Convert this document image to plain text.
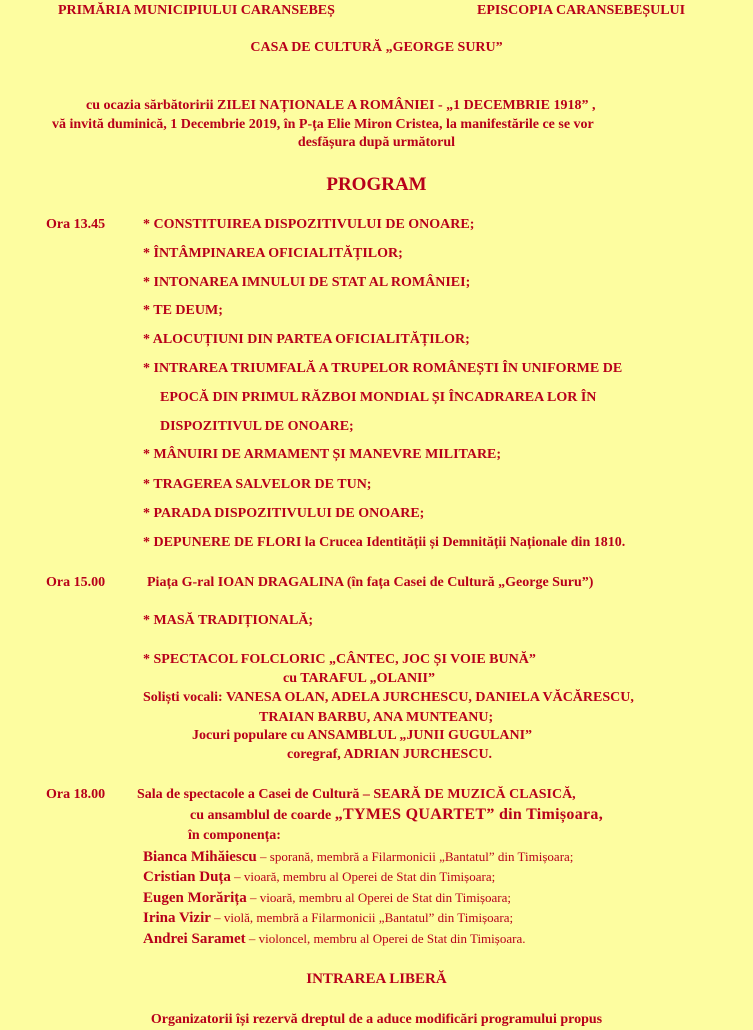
PRIMĂRIA MUNICIPIULUI CARANSEBEȘ	EPISCOPIA CARANSEBEȘULUI
CASA DE CULTURĂ „GEORGE SURU”
cu ocazia sărbătoririi ZILEI NAȚIONALE A ROMÂNIEI - „1 DECEMBRIE 1918” ,
vă invită duminică, 1 Decembrie 2019, în P-ța Elie Miron Cristea, la manifestările ce se vor
desfășura după următorul
PROGRAM
Ora 13.45	* CONSTITUIREA DISPOZITIVULUI DE ONOARE;
* ÎNTÂMPINAREA OFICIALITĂȚILOR;
* INTONAREA IMNULUI DE STAT AL ROMÂNIEI;
* TE DEUM;
* ALOCUȚIUNI DIN PARTEA OFICIALITĂȚILOR;
* INTRAREA TRIUMFALĂ A TRUPELOR ROMÂNEȘTI ÎN UNIFORME DE
EPOCĂ DIN PRIMUL RĂZBOI MONDIAL ȘI ÎNCADRAREA LOR ÎN
DISPOZITIVUL DE ONOARE;
* MÂNUIRI DE ARMAMENT ȘI MANEVRE MILITARE;
* TRAGEREA SALVELOR DE TUN;
* PARADA DISPOZITIVULUI DE ONOARE;
* DEPUNERE DE FLORI la Crucea Identității și Demnității Naționale din 1810.
Ora 15.00	Piața G-ral IOAN DRAGALINA (în fața Casei de Cultură „George Suru”)
* MASĂ TRADIȚIONALĂ;
* SPECTACOL FOLCLORIC „CÂNTEC, JOC ȘI VOIE BUNĂ”
cu TARAFUL „OLANII”
Soliști vocali: VANESA OLAN, ADELA JURCHESCU, DANIELA VĂCĂRESCU,
TRAIAN BARBU, ANA MUNTEANU;
Jocuri populare cu ANSAMBLUL „JUNII GUGULANI”
coregraf, ADRIAN JURCHESCU.
Ora 18.00 Sala de spectacole a Casei de Cultură – SEARĂ DE MUZICĂ CLASICĂ,
cu ansamblul de coarde „TYMES QUARTET” din Timișoara,
în componența:
Bianca Mihăiescu – sporană, membră a Filarmonicii „Bantatul” din Timișoara;
Cristian Duța – vioară, membru al Operei de Stat din Timișoara;
Eugen Morărița – vioară, membru al Operei de Stat din Timișoara;
Irina Vizir – violă, membră a Filarmonicii „Bantatul” din Timișoara;
Andrei Saramet – violoncel, membru al Operei de Stat din Timișoara.
INTRAREA LIBERĂ
Organizatorii își rezervă dreptul de a aduce modificări programului propus
